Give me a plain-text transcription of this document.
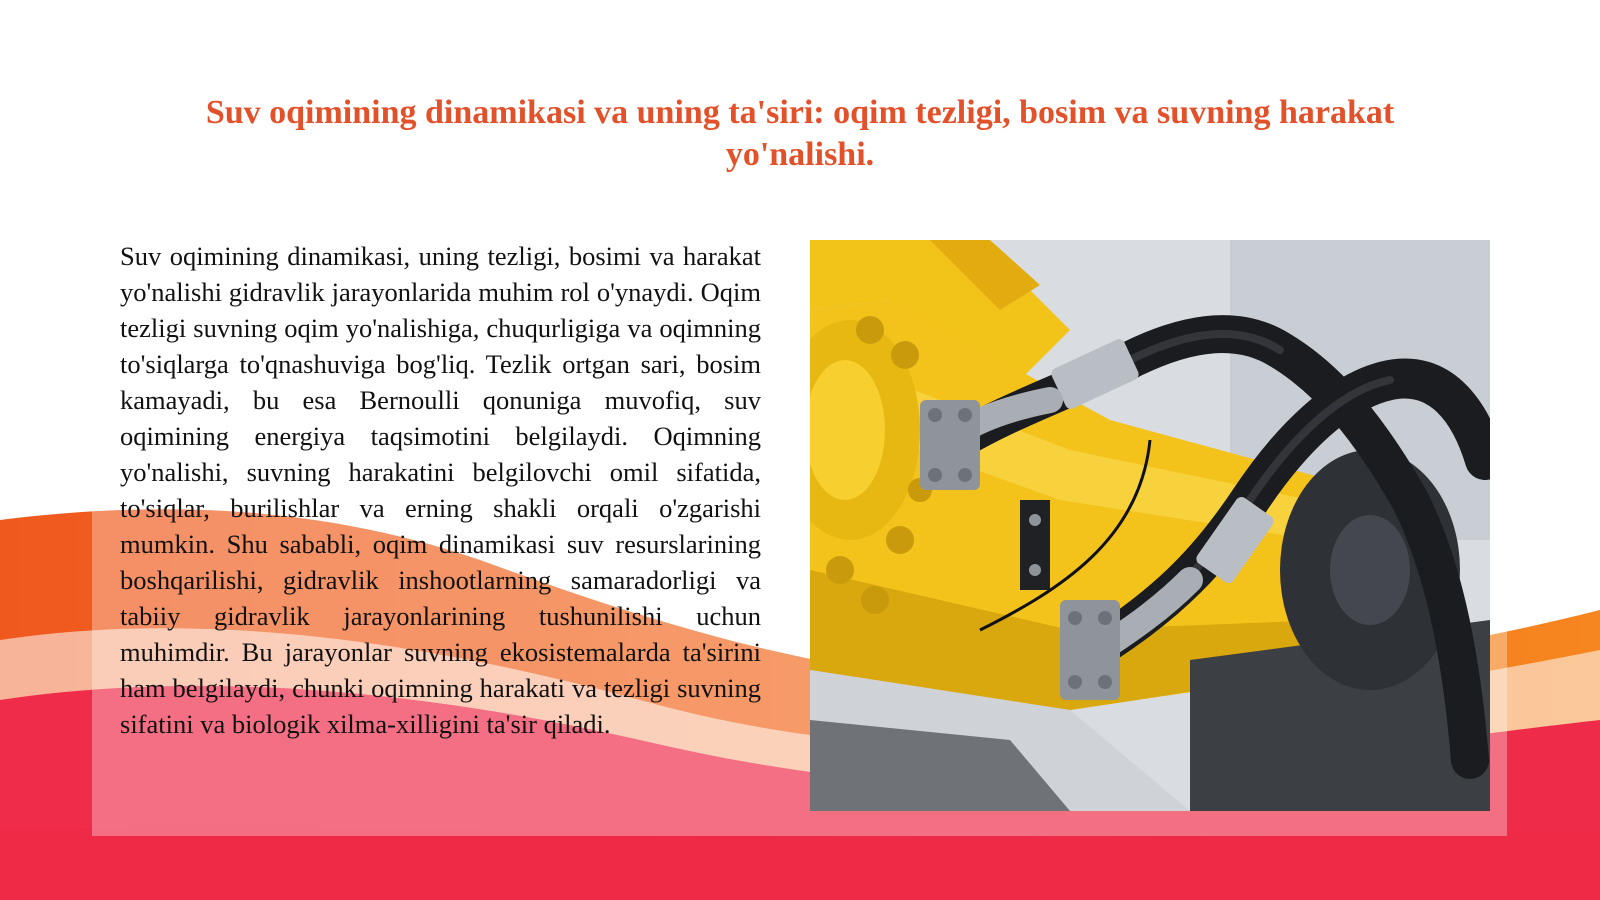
Suv oqimining dinamikasi va uning ta'siri: oqim tezligi, bosim va suvning harakat yo'nalishi.

Suv oqimining dinamikasi, uning tezligi, bosimi va harakat yo'nalishi gidravlik jarayonlarida muhim rol o'ynaydi. Oqim tezligi suvning oqim yo'nalishiga, chuqurligiga va oqimning to'siqlarga to'qnashuviga bog'liq. Tezlik ortgan sari, bosim kamayadi, bu esa Bernoulli qonuniga muvofiq, suv oqimining energiya taqsimotini belgilaydi. Oqimning yo'nalishi, suvning harakatini belgilovchi omil sifatida, to'siqlar, burilishlar va erning shakli orqali o'zgarishi mumkin. Shu sababli, oqim dinamikasi suv resurslarining boshqarilishi, gidravlik inshootlarning samaradorligi va tabiiy gidravlik jarayonlarining tushunilishi uchun muhimdir. Bu jarayonlar suvning ekosistemalarda ta'sirini ham belgilaydi, chunki oqimning harakati va tezligi suvning sifatini va biologik xilma-xilligini ta'sir qiladi.
